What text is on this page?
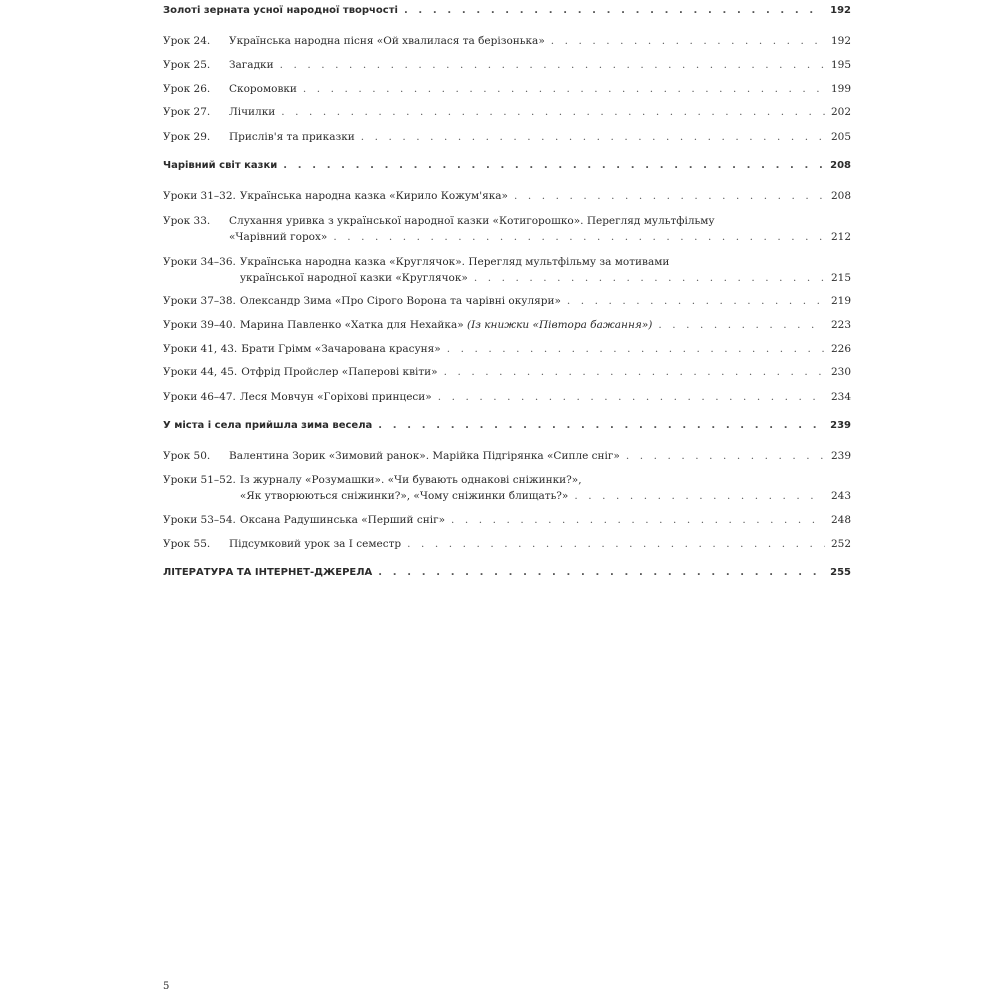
Золоті зерната усної народної творчості . . .	192
Урок 24.	Українська народна пісня «Ой хвалилася та берізонька» . . .	192
Урок 25.	Загадки . . .	195
Урок 26.	Скоромовки . . .	199
Урок 27.	Лічилки . . .	202
Урок 29.	Прислів'я та приказки . . .	205
Чарівний світ казки . . .	208
Уроки 31–32. Українська народна казка «Кирило Кожум'яка» . . .	208
Урок 33.	Слухання уривка з української народної казки «Котигорошко». Перегляд мультфільму
«Чарівний горох» . . .	212
Уроки 34–36. Українська народна казка «Круглячок». Перегляд мультфільму за мотивами
української народної казки «Круглячок» . . .	215
Уроки 37–38. Олександр Зима «Про Сірого Ворона та чарівні окуляри» . . .	219
Уроки 39–40. Марина Павленко «Хатка для Нехайка»
(Із книжки «Півтора бажання») . . .	223
Уроки 41, 43. Брати Грімм «Зачарована красуня» . . .	226
Уроки 44, 45. Отфрід Пройслер «Паперові квіти» . . .	230
Уроки 46–47. Леся Мовчун «Горіхові принцеси» . . .	234
У міста і села прийшла зима весела . . .	239
Урок 50.	Валентина Зорик «Зимовий ранок». Марійка Підгірянка «Сипле сніг» . . .	239
Уроки 51–52. Із журналу «Розумашки». «Чи бувають однакові сніжинки?»,
«Як утворюються сніжинки?», «Чому сніжинки блищать?» . . .	243
Уроки 53–54. Оксана Радушинська «Перший сніг» . . .	248
Урок 55.	Підсумковий урок за І семестр . . .	252
ЛІТЕРАТУРА ТА ІНТЕРНЕТ-ДЖЕРЕЛА . . .	255
5
